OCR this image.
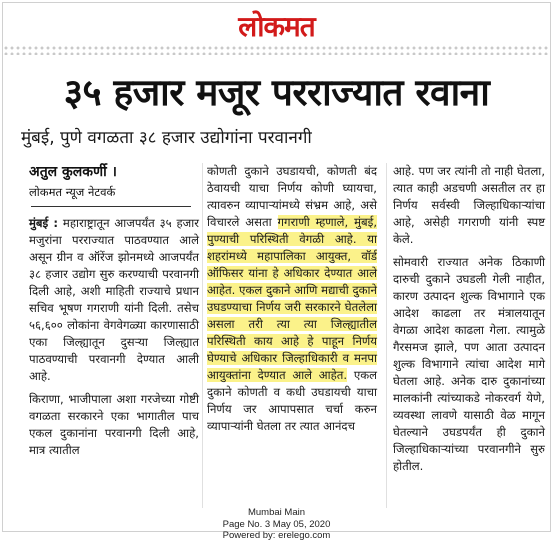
लोकमत
३५ हजार मजूर परराज्यात रवाना
मुंबई, पुणे वगळता ३८ हजार उद्योगांना परवानगी
अतुल कुलकर्णी ।
लोकमत न्यूज नेटवर्क

मुंबई : महाराष्ट्रातून आजपर्यंत ३५ हजार मजुरांना परराज्यात पाठवण्यात आले असून ग्रीन व ऑरेंज झोनमध्ये आजपर्यंत ३८ हजार उद्योग सुरु करण्याची परवानगी दिली आहे, अशी माहिती राज्याचे प्रधान सचिव भूषण गगराणी यांनी दिली. तसेच ५६,६०० लोकांना वेगवेगळ्या कारणासाठी एका जिल्ह्यातून दुसऱ्या जिल्ह्यात पाठवण्याची परवानगी देण्यात आली आहे.

किराणा, भाजीपाला अशा गरजेच्या गोष्टी वगळता सरकारने एका भागातील पाच एकल दुकानांना परवानगी दिली आहे, मात्र त्यातील

कोणती दुकाने उघडायची, कोणती बंद ठेवायची याचा निर्णय कोणी घ्यायचा, त्यावरुन व्यापाऱ्यांमध्ये संभ्रम आहे, असे विचारले असता गगराणी म्हणाले, मुंबई, पुण्याची परिस्थिती वेगळी आहे. या शहरांमध्ये महापालिका आयुक्त, वॉर्ड ऑफिसर यांना हे अधिकार देण्यात आले आहेत. एकल दुकाने आणि मद्याची दुकाने उघडण्याचा निर्णय जरी सरकारने घेतलेला असला तरी त्या त्या जिल्ह्यातील परिस्थिती काय आहे हे पाहून निर्णय घेण्याचे अधिकार जिल्हाधिकारी व मनपा आयुक्तांना देण्यात आले आहेत. एकल दुकाने कोणती व कधी उघडायची याचा निर्णय जर आपापसात चर्चा करुन व्यापाऱ्यांनी घेतला तर त्यात आनंदच

आहे. पण जर त्यांनी तो नाही घेतला, त्यात काही अडचणी असतील तर हा निर्णय सर्वस्वी जिल्हाधिकाऱ्यांचा आहे, असेही गगराणी यांनी स्पष्ट केले.

सोमवारी राज्यात अनेक ठिकाणी दारुची दुकाने उघडली गेली नाहीत, कारण उत्पादन शुल्क विभागाने एक आदेश काढला तर मंत्रालयातून वेगळा आदेश काढला गेला. त्यामुळे गैरसमज झाले, पण आता उत्पादन शुल्क विभागाने त्यांचा आदेश मागे घेतला आहे. अनेक दारु दुकानांच्या मालकांनी त्यांच्याकडे नोकरवर्ग येणे, व्यवस्था लावणे यासाठी वेळ मागून घेतल्याने उघडपर्यंत ही दुकाने जिल्हाधिकाऱ्यांच्या परवानगीने सुरु होतील.

Mumbai Main
Page No. 3 May 05, 2020
Powered by: erelego.com
